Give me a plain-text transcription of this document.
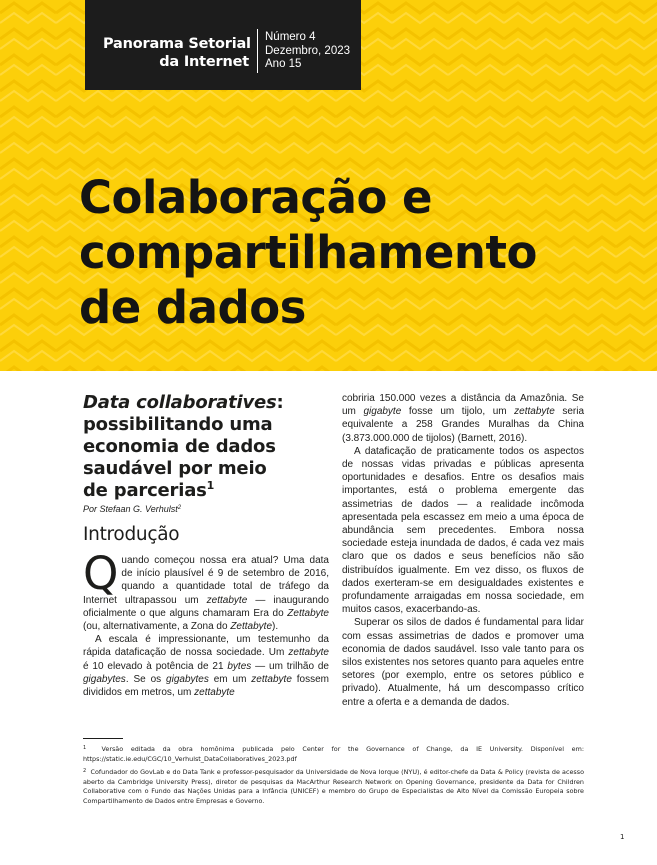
Panorama Setorial
da Internet
Número 4
Dezembro, 2023
Ano 15
Colaboração e
compartilhamento
de dados
Data collaboratives:
possibilitando uma
economia de dados
saudável por meio
de parcerias$^1$
Por Stefaan G. Verhulst$^2$
Introdução

Quando começou nossa era atual? Uma data de início plausível é 9 de setembro de 2016, quando a quantidade total de tráfego da Internet ultrapassou um zettabyte — inaugurando oficialmente o que alguns chamaram Era do Zettabyte (ou, alternativamente, a Zona do Zettabyte).

A escala é impressionante, um testemunho da rápida dataficação de nossa sociedade. Um zettabyte é 10 elevado à potência de 21 bytes — um trilhão de gigabytes. Se os gigabytes em um zettabyte fossem divididos em metros, um zettabyte

cobriria 150.000 vezes a distância da Amazônia. Se um gigabyte fosse um tijolo, um zettabyte seria equivalente a 258 Grandes Muralhas da China (3.873.000.000 de tijolos) (Barnett, 2016).

A dataficação de praticamente todos os aspectos de nossas vidas privadas e públicas apresenta oportunidades e desafios. Entre os desafios mais importantes, está o problema emergente das assimetrias de dados — a realidade incômoda apresentada pela escassez em meio a uma época de abundância sem precedentes. Embora nossa sociedade esteja inundada de dados, é cada vez mais claro que os dados e seus benefícios não são distribuídos igualmente. Em vez disso, os fluxos de dados exerteram-se em desigualdades existentes e profundamente arraigadas em nossa sociedade, em muitos casos, exacerbando-as.

Superar os silos de dados é fundamental para lidar com essas assimetrias de dados e promover uma economia de dados saudável. Isso vale tanto para os silos existentes nos setores quanto para aqueles entre setores (por exemplo, entre os setores público e privado). Atualmente, há um descompasso crítico entre a oferta e a demanda de dados.

$^1$ Versão editada da obra homônima publicada pelo Center for the Governance of Change, da IE University. Disponível em: https://static.ie.edu/CGC/10_Verhulst_DataCollaboratives_2023.pdf

$^2$ Cofundador do GovLab e do Data Tank e professor-pesquisador da Universidade de Nova Iorque (NYU), é editor-chefe da Data & Policy (revista de acesso aberto da Cambridge University Press), diretor de pesquisas da MacArthur Research Network on Opening Governance, presidente da Data for Children Collaborative com o Fundo das Nações Unidas para a Infância (UNICEF) e membro do Grupo de Especialistas de Alto Nível da Comissão Europeia sobre Compartilhamento de Dados entre Empresas e Governo.

1
